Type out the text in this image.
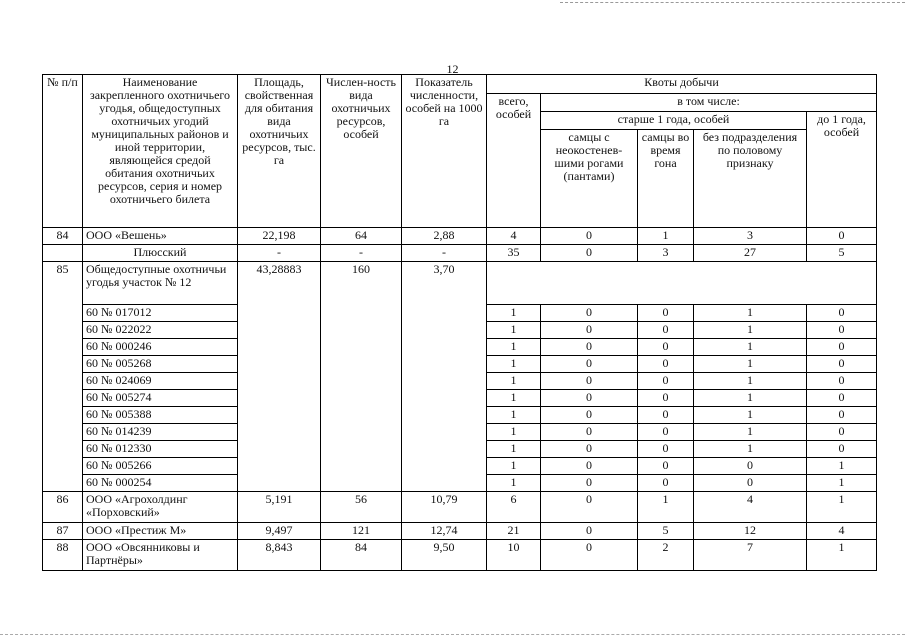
12
№ п/п	Наименование закрепленного охотничьего угодья, общедоступных охотничьих угодий муниципальных районов и иной территории, являющейся средой обитания охотничьих ресурсов, серия и номер охотничьего билета	Площадь, свойственная для обитания вида охотничьих ресурсов, тыс. га	Числен-ность вида охотничьих ресурсов, особей	Показатель численности, особей на 1000 га	Квоты добычи				
					всего, особей	в том числе:			
						старше 1 года, особей			до 1 года, особей
						самцы с неокостенев-шими рогами (пантами)	самцы во время гона	без подразделения по половому признаку	
84	ООО «Вешень»	22,198	64	2,88	4	0	1	3	0
	Плюсский	-	-	-	35	0	3	27	5
85	Общедоступные охотничьи угодья участок № 12	43,28883	160	3,70					
	60 № 017012				1	0	0	1	0
	60 № 022022				1	0	0	1	0
	60 № 000246				1	0	0	1	0
	60 № 005268				1	0	0	1	0
	60 № 024069				1	0	0	1	0
	60 № 005274				1	0	0	1	0
	60 № 005388				1	0	0	1	0
	60 № 014239				1	0	0	1	0
	60 № 012330				1	0	0	1	0
	60 № 005266				1	0	0	0	1
	60 № 000254				1	0	0	0	1
86	ООО «Агрохолдинг «Порховский»	5,191	56	10,79	6	0	1	4	1
87	ООО «Престиж М»	9,497	121	12,74	21	0	5	12	4
88	ООО «Овсянниковы и Партнёры»	8,843	84	9,50	10	0	2	7	1
